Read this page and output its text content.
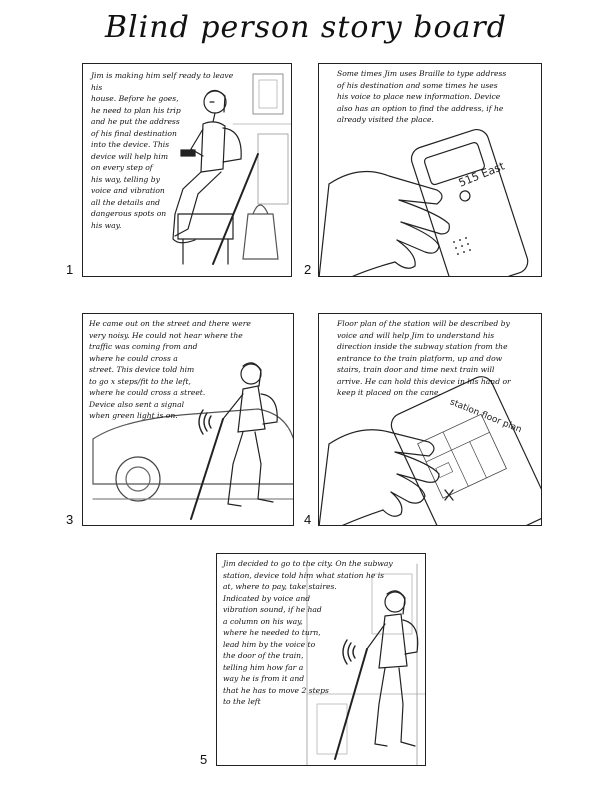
Blind person story board
Jim is making him self ready to leave his
house. Before he goes,
he need to plan his trip
and he put the address
of his final destination
into the device. This
device will help him
on every step of
his way, telling by
voice and vibration
all the details and
dangerous spots on
his way.
1
515 East
Some times Jim uses Braille to type address
of his destination and some times he uses
his voice to place new information. Device
also has an option to find the address, if he
already visited the place.
2
He came out on the street and there were
very noisy. He could not hear where the
traffic was coming from and
where he could cross a
street. This device told him
to go x steps/fit to the left,
where he could cross a street.
Device also sent a signal
when green light is on.
3
station floor plan
Floor plan of the station will be described by
voice and will help Jim to understand his
direction inside the subway station from the
entrance to the train platform, up and dow
stairs, train door and time next train will
arrive. He can hold this device in his hand or
keep it placed on the cane.
4
Jim decided to go to the city. On the subway
station, device told him what station he is
at, where to pay, take staires.
Indicated by voice and
vibration sound, if he had
a column on his way,
where he needed to turn,
lead him by the voice to
the door of the train,
telling him how far a
way he is from it and
that he has to move 2 steps
to the left
5
